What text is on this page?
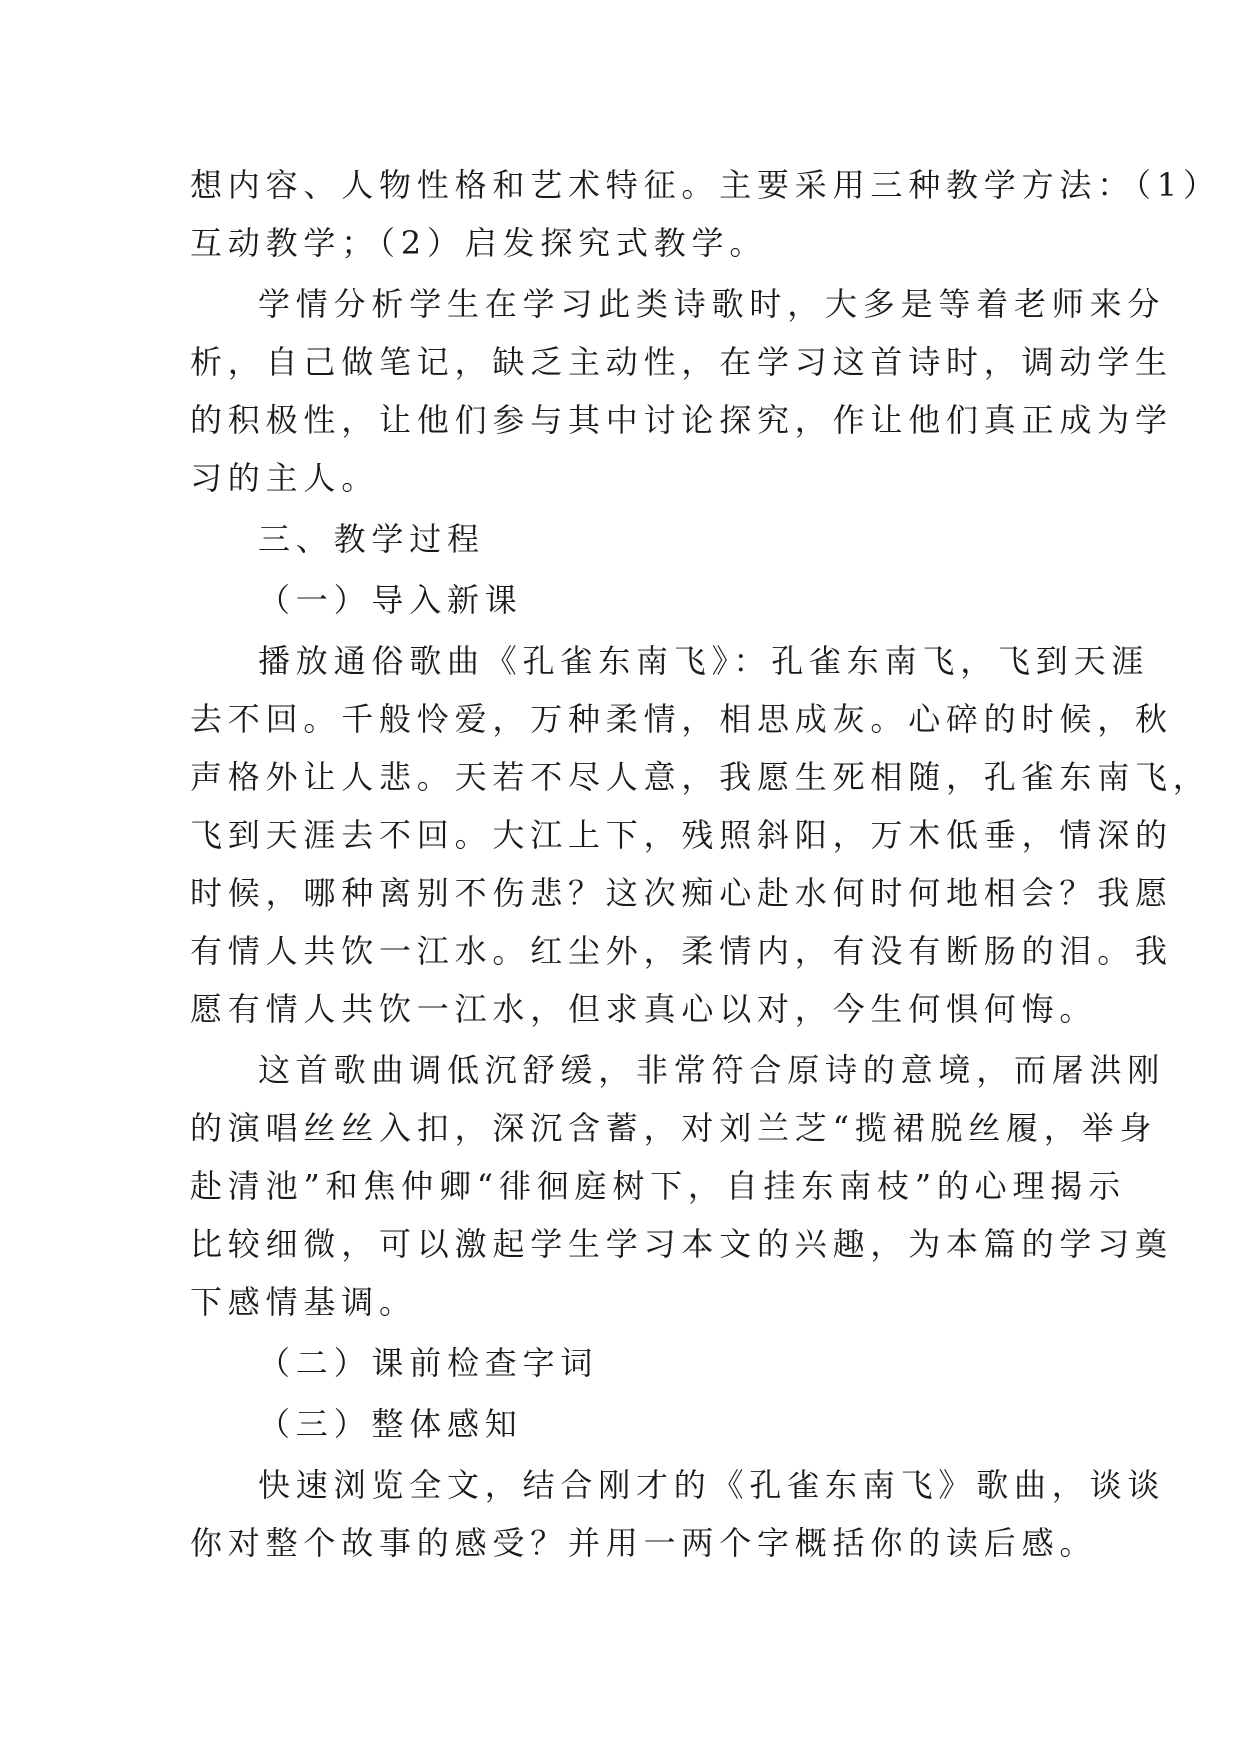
想内容、人物性格和艺术特征。主要采用三种教学方法：（1）
互动教学；（2）启发探究式教学。

学情分析学生在学习此类诗歌时，大多是等着老师来分
析，自己做笔记，缺乏主动性，在学习这首诗时，调动学生
的积极性，让他们参与其中讨论探究，作让他们真正成为学
习的主人。

三、教学过程

（一）导入新课

播放通俗歌曲《孔雀东南飞》：孔雀东南飞，飞到天涯
去不回。千般怜爱，万种柔情，相思成灰。心碎的时候，秋
声格外让人悲。天若不尽人意，我愿生死相随，孔雀东南飞，
飞到天涯去不回。大江上下，残照斜阳，万木低垂，情深的
时候，哪种离别不伤悲？这次痴心赴水何时何地相会？我愿
有情人共饮一江水。红尘外，柔情内，有没有断肠的泪。我
愿有情人共饮一江水，但求真心以对，今生何惧何悔。

这首歌曲调低沉舒缓，非常符合原诗的意境，而屠洪刚
的演唱丝丝入扣，深沉含蓄，对刘兰芝“揽裙脱丝履，举身
赴清池”和焦仲卿“徘徊庭树下，自挂东南枝”的心理揭示
比较细微，可以激起学生学习本文的兴趣，为本篇的学习奠
下感情基调。

（二）课前检查字词

（三）整体感知

快速浏览全文，结合刚才的《孔雀东南飞》歌曲，谈谈
你对整个故事的感受？并用一两个字概括你的读后感。
